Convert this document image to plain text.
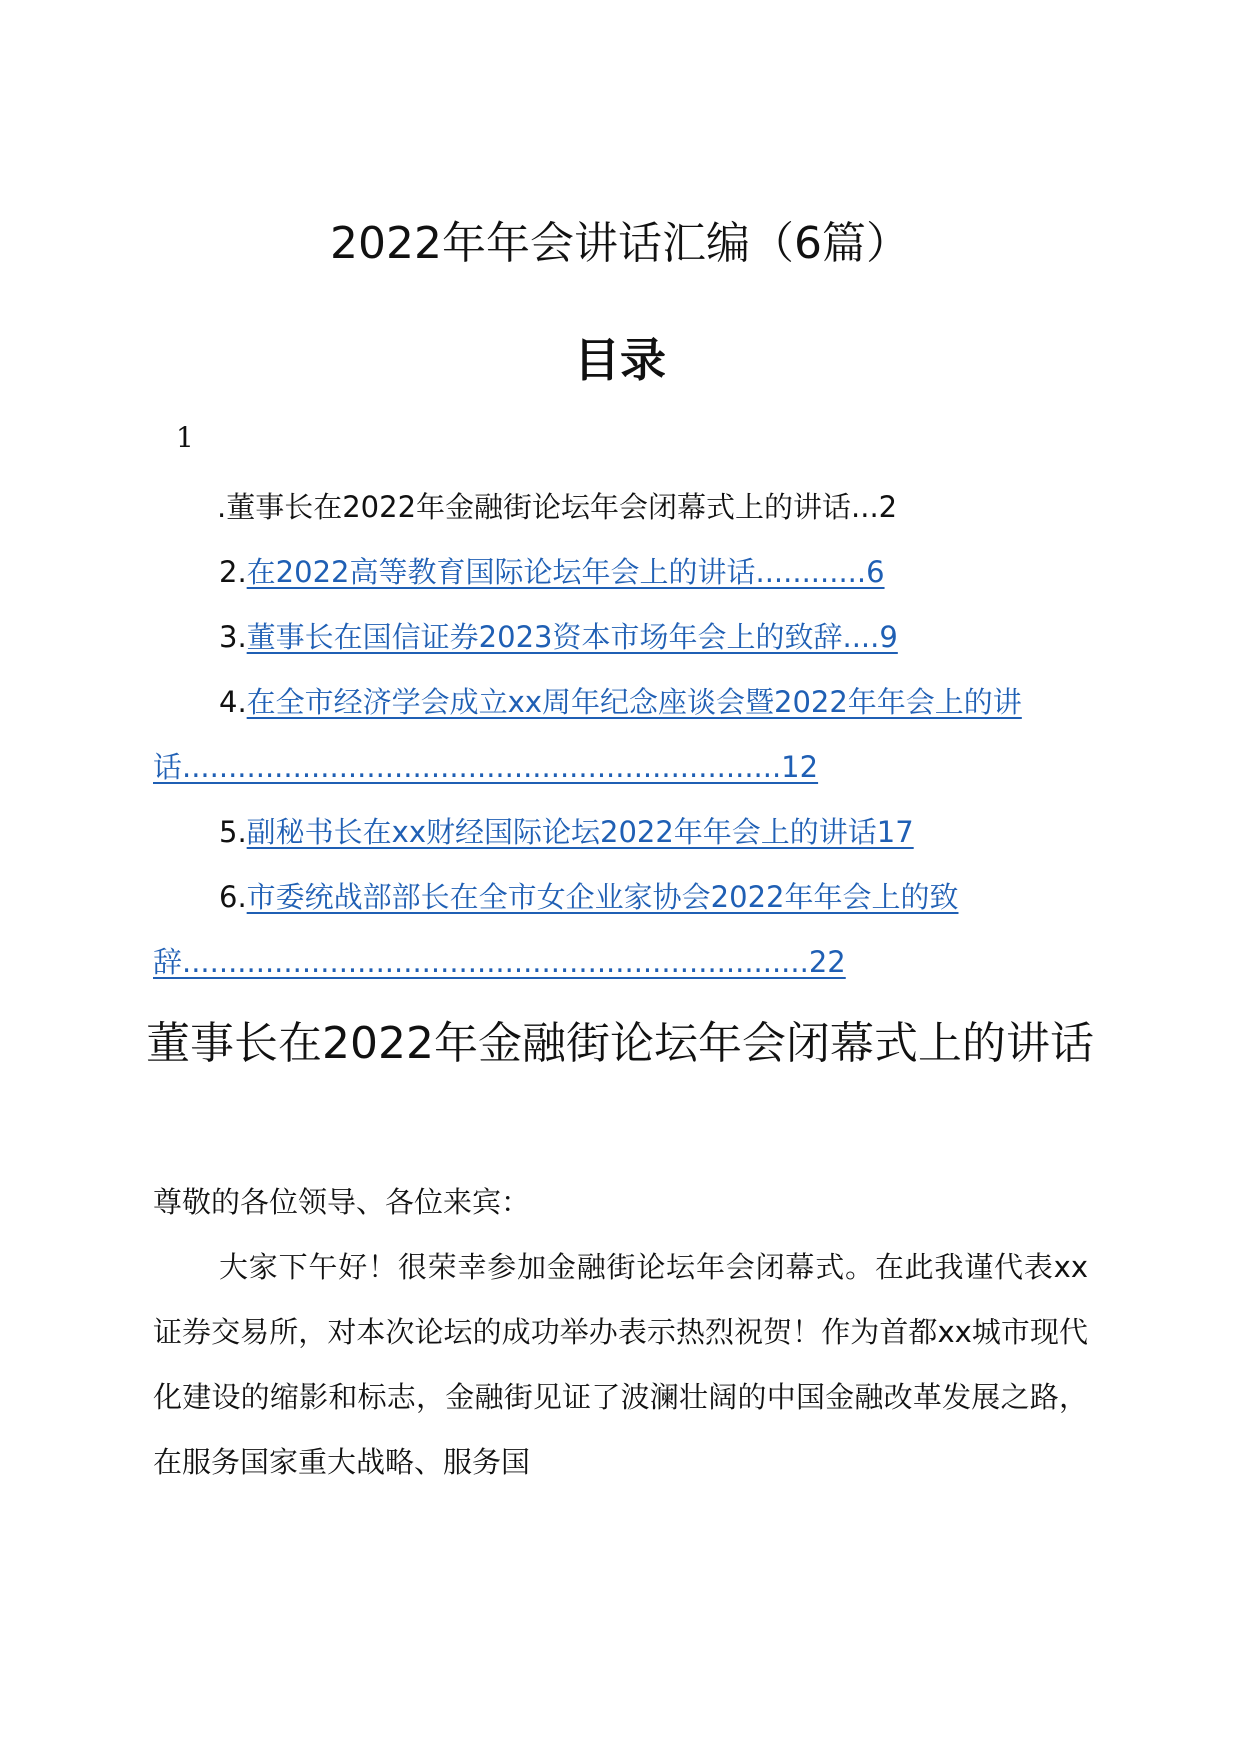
2022年年会讲话汇编（6篇）
目录
1

.董事长在2022年金融街论坛年会闭幕式上的讲话...2

2.在2022高等教育国际论坛年会上的讲话............6

3.董事长在国信证券2023资本市场年会上的致辞....9

4.在全市经济学会成立xx周年纪念座谈会暨2022年年会上的讲话.................................................................12

5.副秘书长在xx财经国际论坛2022年年会上的讲话17

6.市委统战部部长在全市女企业家协会2022年年会上的致辞....................................................................22

董事长在2022年金融街论坛年会闭幕式上的讲话

尊敬的各位领导、各位来宾：

大家下午好！很荣幸参加金融街论坛年会闭幕式。在此我谨代表xx证券交易所，对本次论坛的成功举办表示热烈祝贺！作为首都xx城市现代化建设的缩影和标志，金融街见证了波澜壮阔的中国金融改革发展之路，在服务国家重大战略、服务国
